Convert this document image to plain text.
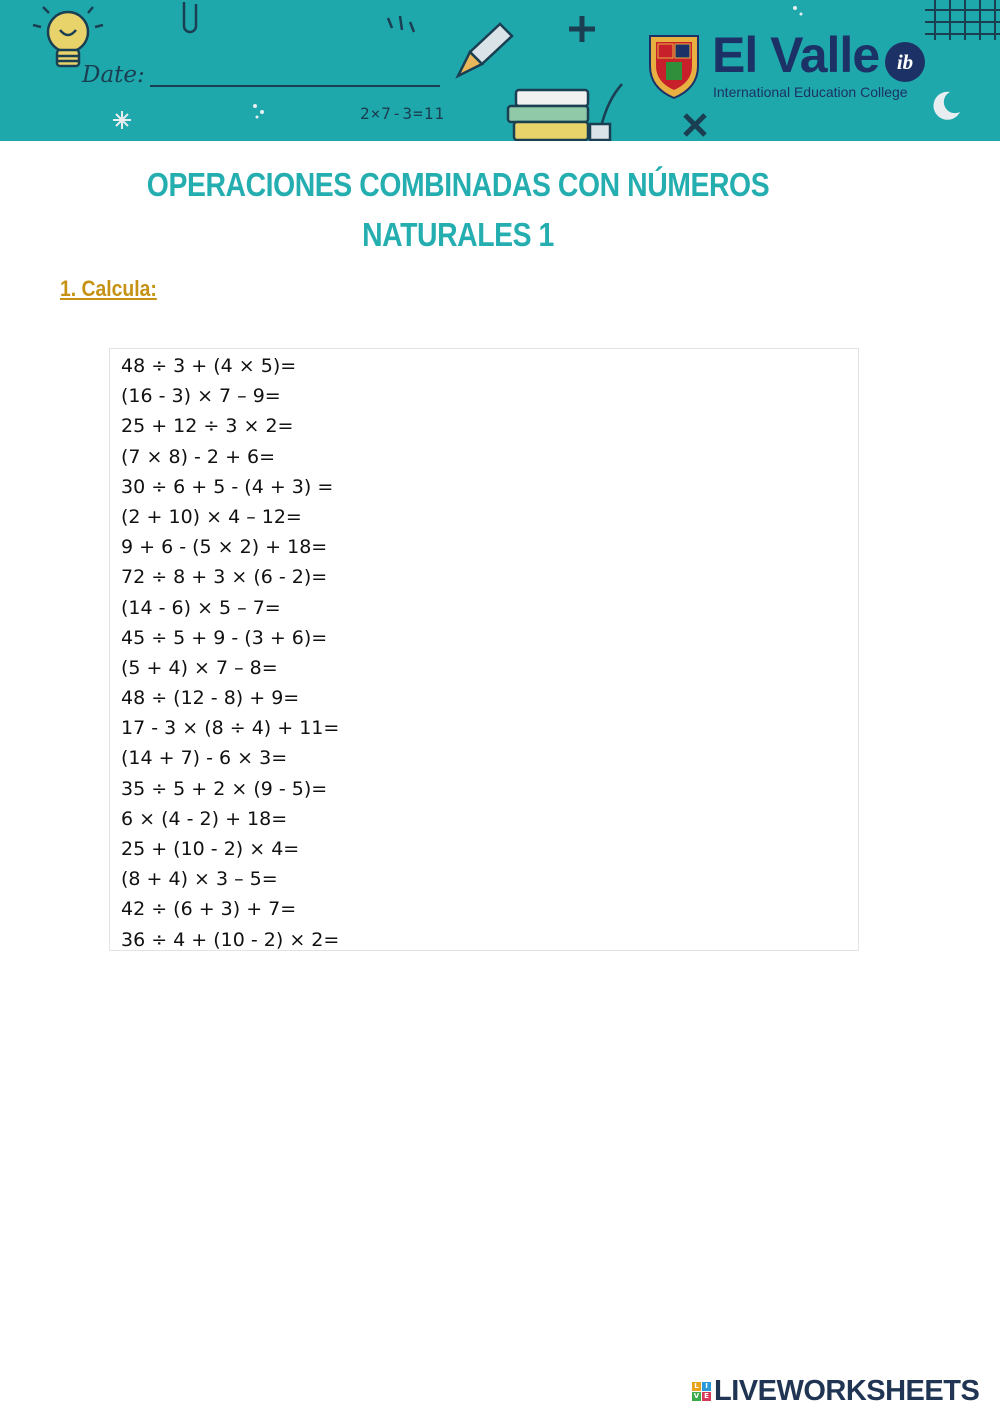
Date:
2×7-3=11
El Valle ib
International Education College
OPERACIONES COMBINADAS CON NÚMEROS
NATURALES 1
1. Calcula:
48 ÷ 3 + (4 × 5)=
(16 - 3) × 7 – 9=
25 + 12 ÷ 3 × 2=
(7 × 8) - 2 + 6=
30 ÷ 6 + 5 - (4 + 3) =
(2 + 10) × 4 – 12=
9 + 6 - (5 × 2) + 18=
72 ÷ 8 + 3 × (6 - 2)=
(14 - 6) × 5 – 7=
45 ÷ 5 + 9 - (3 + 6)=
(5 + 4) × 7 – 8=
48 ÷ (12 - 8) + 9=
17 - 3 × (8 ÷ 4) + 11=
(14 + 7) - 6 × 3=
35 ÷ 5 + 2 × (9 - 5)=
6 × (4 - 2) + 18=
25 + (10 - 2) × 4=
(8 + 4) × 3 – 5=
42 ÷ (6 + 3) + 7=
36 ÷ 4 + (10 - 2) × 2=
L I
V E LIVEWORKSHEETS
